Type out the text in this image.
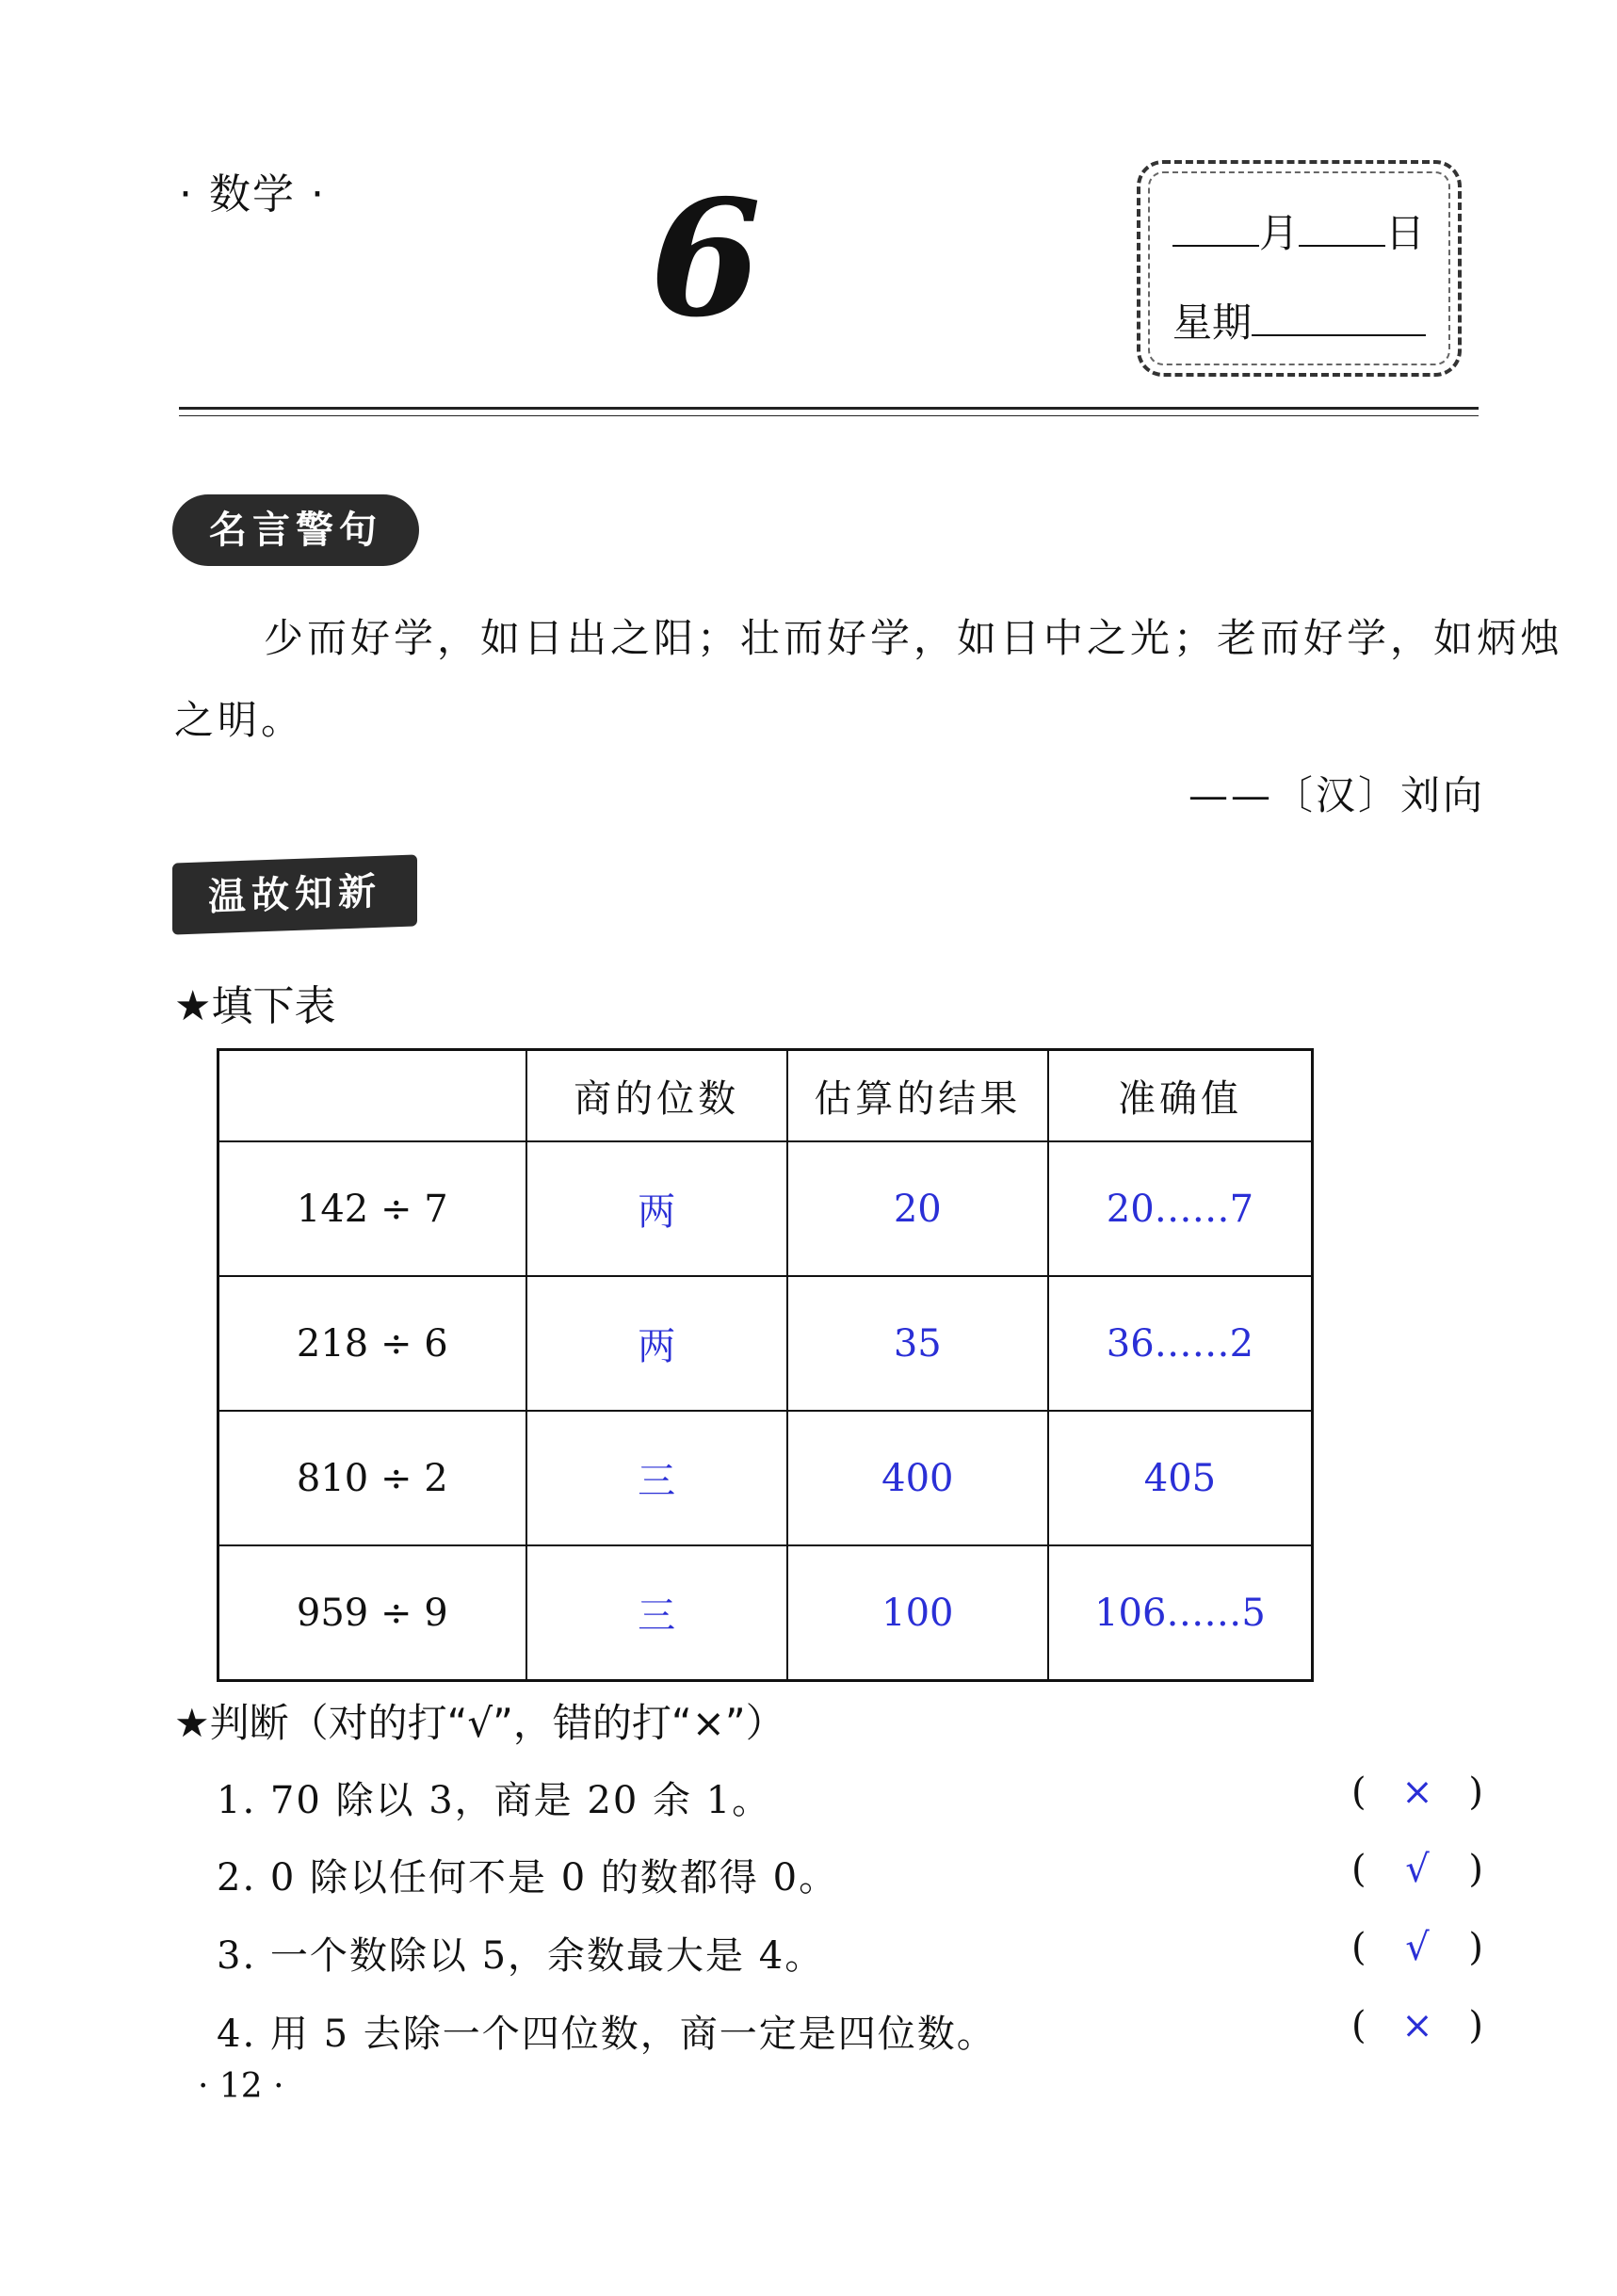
· 数学 · 6	月 日
星期
名言警句
少而好学，如日出之阳；壮而好学，如日中之光；老而好学，如炳烛
之明。
——〔汉〕刘向
温故知新
★填下表
	商的位数	估算的结果	准确值
142 ÷ 7	两	20	20……7
218 ÷ 6	两	35	36……2
810 ÷ 2	三	400	405
959 ÷ 9	三	100	106……5
★判断（对的打“√”，错的打“×”）
1. 70 除以 3，商是 20 余 1。	( × )
2. 0 除以任何不是 0 的数都得 0。	( √ )
3. 一个数除以 5，余数最大是 4。	( √ )
4. 用 5 去除一个四位数，商一定是四位数。	( × )
· 12 ·
